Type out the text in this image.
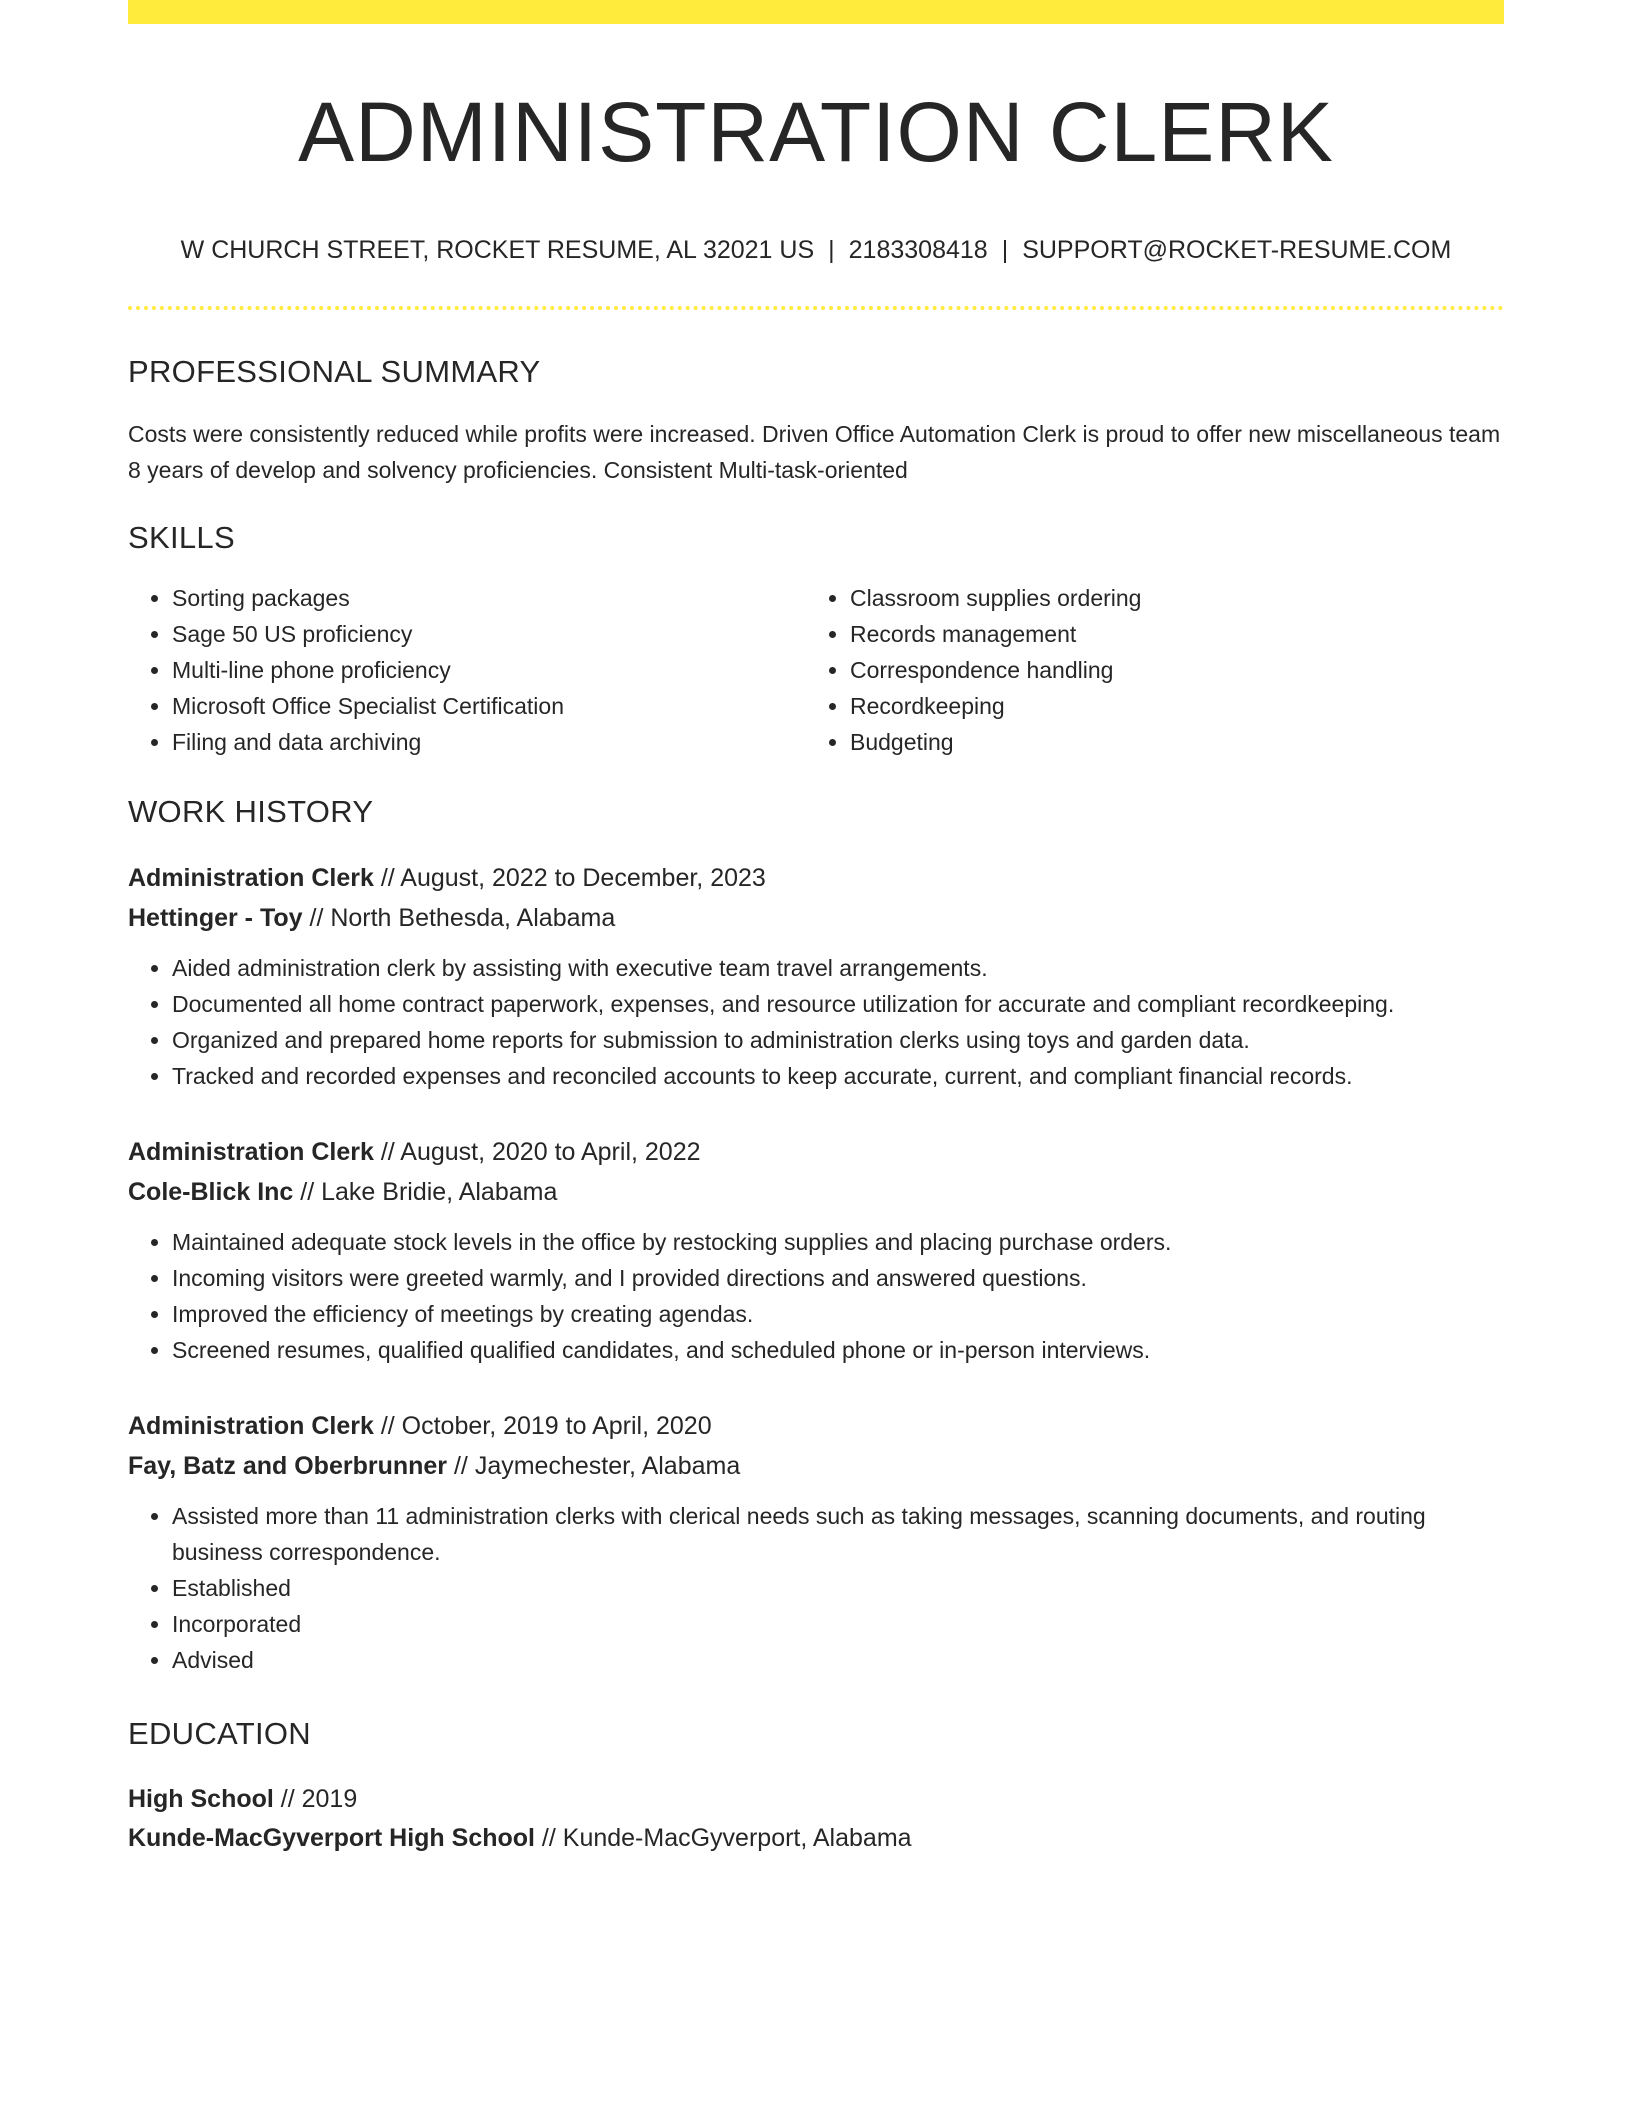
ADMINISTRATION CLERK
W CHURCH STREET, ROCKET RESUME, AL 32021 US | 2183308418 | SUPPORT@ROCKET-RESUME.COM
PROFESSIONAL SUMMARY
Costs were consistently reduced while profits were increased. Driven Office Automation Clerk is proud to offer new miscellaneous team 8 years of develop and solvency proficiencies. Consistent Multi-task-oriented
SKILLS
• Sorting packages
• Sage 50 US proficiency
• Multi-line phone proficiency
• Microsoft Office Specialist Certification
• Filing and data archiving
• Classroom supplies ordering
• Records management
• Correspondence handling
• Recordkeeping
• Budgeting
WORK HISTORY
Administration Clerk // August, 2022 to December, 2023
Hettinger - Toy // North Bethesda, Alabama
• Aided administration clerk by assisting with executive team travel arrangements.
• Documented all home contract paperwork, expenses, and resource utilization for accurate and compliant recordkeeping.
• Organized and prepared home reports for submission to administration clerks using toys and garden data.
• Tracked and recorded expenses and reconciled accounts to keep accurate, current, and compliant financial records.
Administration Clerk // August, 2020 to April, 2022
Cole-Blick Inc // Lake Bridie, Alabama
• Maintained adequate stock levels in the office by restocking supplies and placing purchase orders.
• Incoming visitors were greeted warmly, and I provided directions and answered questions.
• Improved the efficiency of meetings by creating agendas.
• Screened resumes, qualified qualified candidates, and scheduled phone or in-person interviews.
Administration Clerk // October, 2019 to April, 2020
Fay, Batz and Oberbrunner // Jaymechester, Alabama
• Assisted more than 11 administration clerks with clerical needs such as taking messages, scanning documents, and routing business correspondence.
• Established
• Incorporated
• Advised
EDUCATION
High School // 2019
Kunde-MacGyverport High School // Kunde-MacGyverport, Alabama
